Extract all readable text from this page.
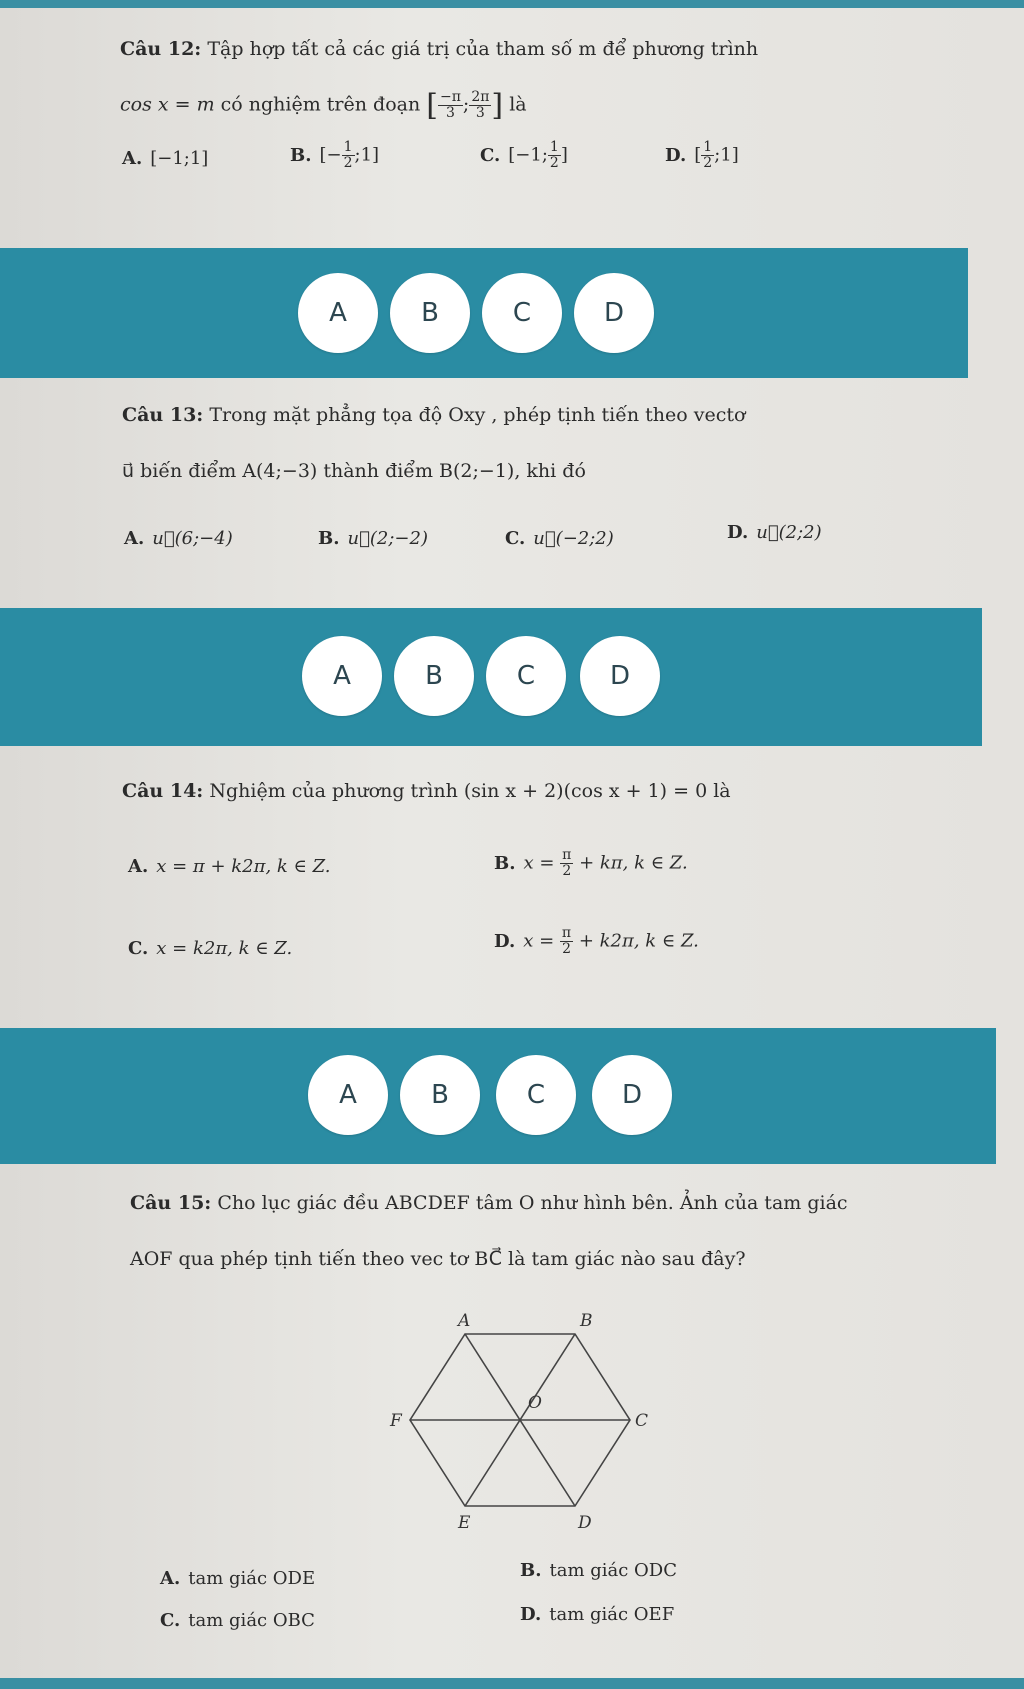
Câu 12: Tập hợp tất cả các giá trị của tham số m để phương trình
cos x = m có nghiệm trên đoạn [ $\frac{-\pi}{3}$ ; $\frac{2\pi}{3}$ ] là
A. [−1;1]	B. [− $\frac{1}{2}$ ;1]	C. [−1; $\frac{1}{2}$ ]	D. [ $\frac{1}{2}$ ;1]
A	B	C	D
Câu 13: Trong mặt phẳng tọa độ Oxy , phép tịnh tiến theo vectơ
u⃗ biến điểm A(4;−3) thành điểm B(2;−1), khi đó
A. u⃗(6;−4)	B. u⃗(2;−2)	C. u⃗(−2;2)	D. u⃗(2;2)
A	B	C	D
Câu 14: Nghiệm của phương trình (sin x + 2)(cos x + 1) = 0 là
A. x = π + k2π, k ∈ Z.	B. $x = \frac{\pi}{2} + k\pi$, k ∈ Z.
C. x = k2π, k ∈ Z.	D. $x = \frac{\pi}{2} + k2\pi$, k ∈ Z.
A	B	C	D
Câu 15: Cho lục giác đều ABCDEF tâm O như hình bên. Ảnh của tam giác
AOF qua phép tịnh tiến theo vec tơ BC⃗ là tam giác nào sau đây?
A	B
C
D
E
F
O
A. tam giác ODE	B. tam giác ODC
C. tam giác OBC	D. tam giác OEF
